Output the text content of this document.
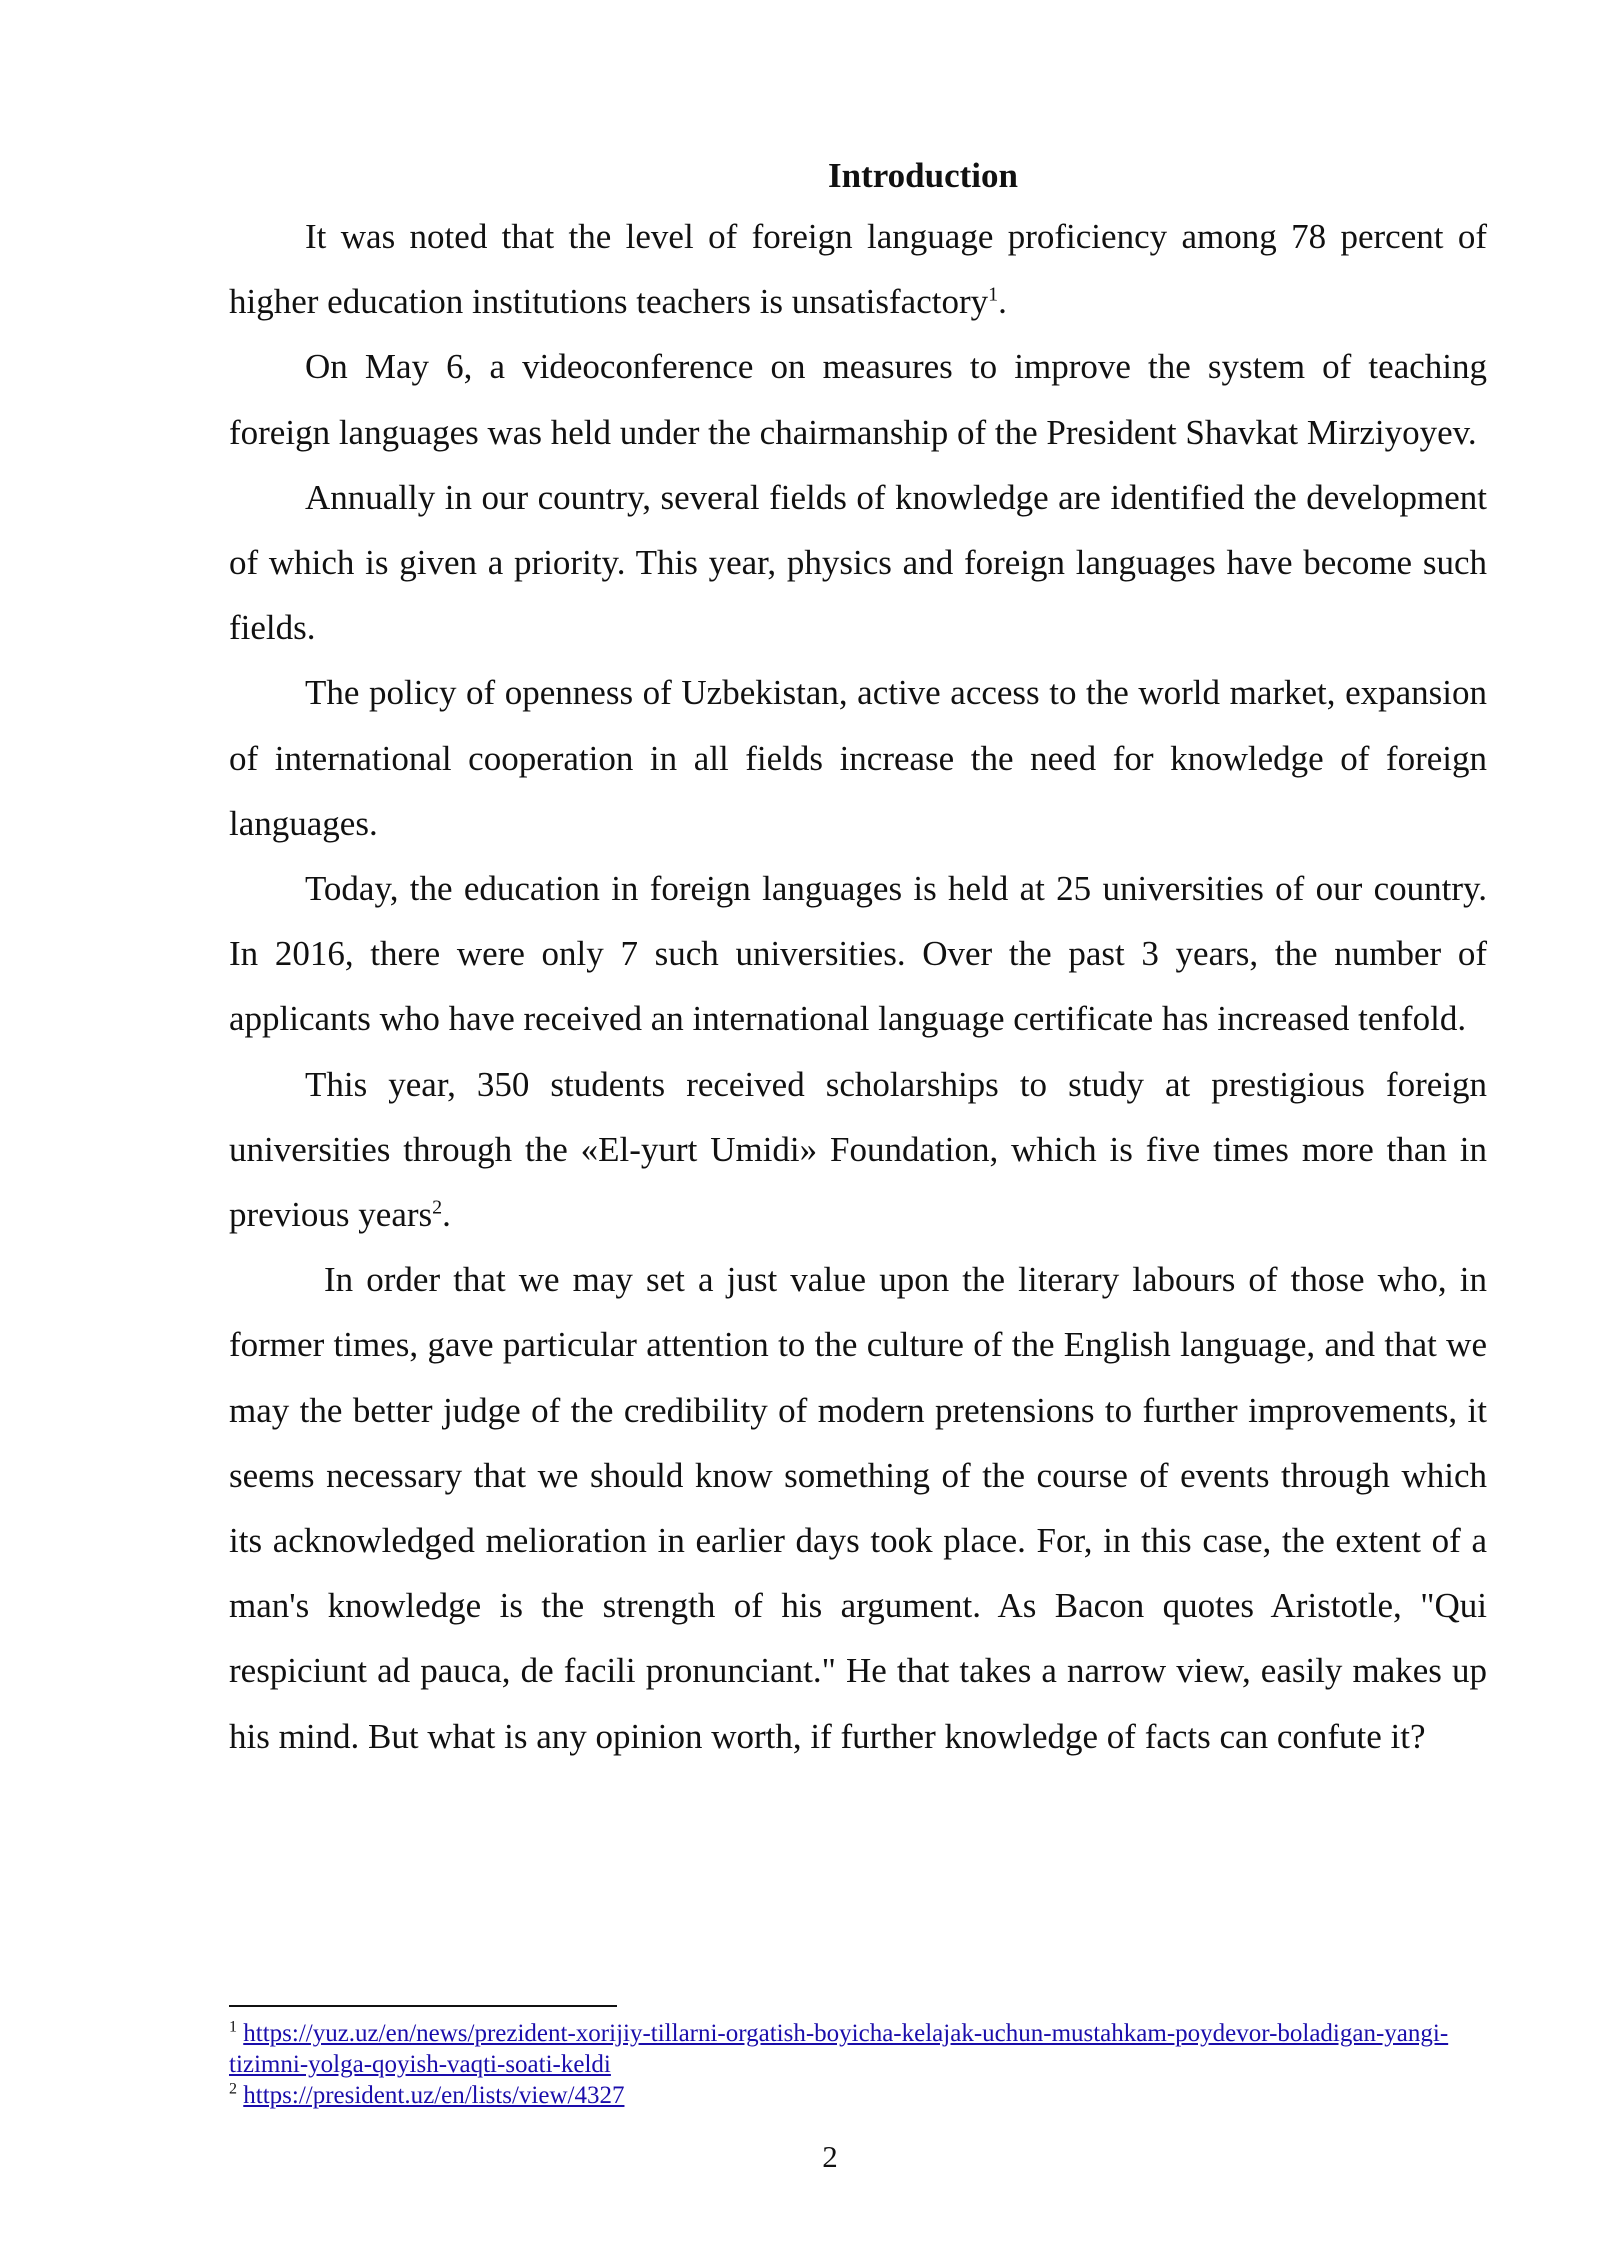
Introduction

It was noted that the level of foreign language proficiency among 78 percent of higher education institutions teachers is unsatisfactory$^1$.

On May 6, a videoconference on measures to improve the system of teaching foreign languages was held under the chairmanship of the President Shavkat Mirziyoyev.

Annually in our country, several fields of knowledge are identified the development of which is given a priority. This year, physics and foreign languages have become such fields.

The policy of openness of Uzbekistan, active access to the world market, expansion of international cooperation in all fields increase the need for knowledge of foreign languages.

Today, the education in foreign languages is held at 25 universities of our country. In 2016, there were only 7 such universities. Over the past 3 years, the number of applicants who have received an international language certificate has increased tenfold.

This year, 350 students received scholarships to study at prestigious foreign universities through the «El-yurt Umidi» Foundation, which is five times more than in previous years$^2$.

In order that we may set a just value upon the literary labours of those who, in former times, gave particular attention to the culture of the English language, and that we may the better judge of the credibility of modern pretensions to further improvements, it seems necessary that we should know something of the course of events through which its acknowledged melioration in earlier days took place. For, in this case, the extent of a man's knowledge is the strength of his argument. As Bacon quotes Aristotle, "Qui respiciunt ad pauca, de facili pronunciant." He that takes a narrow view, easily makes up his mind. But what is any opinion worth, if further knowledge of facts can confute it?

$^1$ https://yuz.uz/en/news/prezident-xorijiy-tillarni-orgatish-boyicha-kelajak-uchun-mustahkam-poydevor-boladigan-yangi-tizimni-yolga-qoyish-vaqti-soati-keldi

$^2$ https://president.uz/en/lists/view/4327

2
